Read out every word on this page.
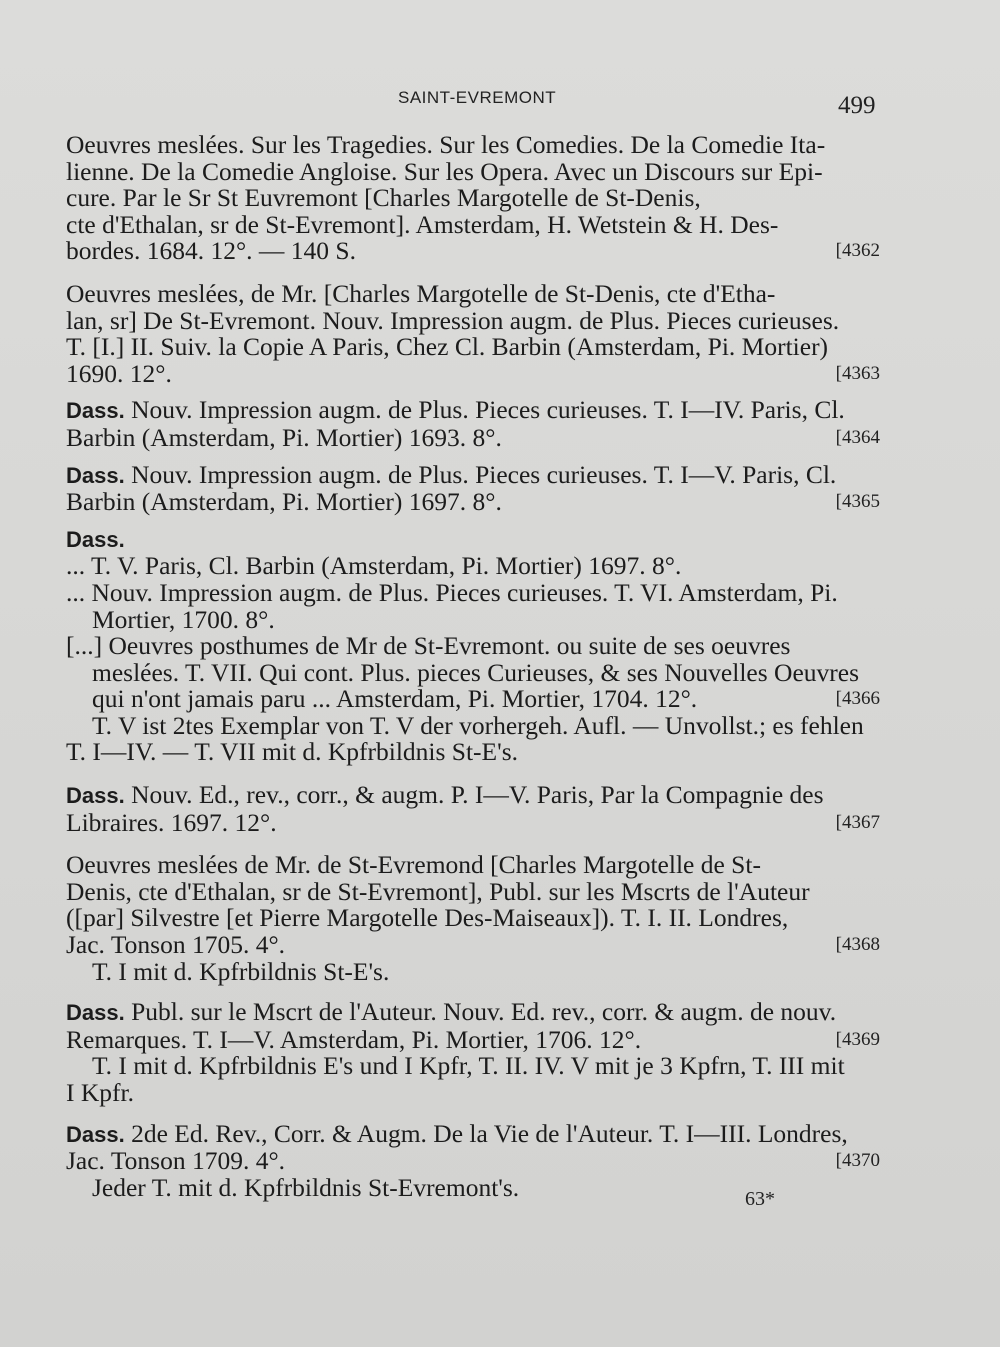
SAINT-EVREMONT	499
Oeuvres meslées. Sur les Tragedies. Sur les Comedies. De la Comedie Ita-
lienne. De la Comedie Angloise. Sur les Opera. Avec un Discours sur Epi-
cure. Par le Sr St Euvremont [Charles Margotelle de St-Denis,
cte d'Ethalan, sr de St-Evremont]. Amsterdam, H. Wetstein & H. Des-
bordes. 1684. 12°. — 140 S.	[4362
Oeuvres meslées, de Mr. [Charles Margotelle de St-Denis, cte d'Etha-
lan, sr] De St-Evremont. Nouv. Impression augm. de Plus. Pieces curieuses.
T. [I.] II. Suiv. la Copie A Paris, Chez Cl. Barbin (Amsterdam, Pi. Mortier)
1690. 12°.	[4363
Dass. Nouv. Impression augm. de Plus. Pieces curieuses. T. I—IV. Paris, Cl.
Barbin (Amsterdam, Pi. Mortier) 1693. 8°.	[4364
Dass. Nouv. Impression augm. de Plus. Pieces curieuses. T. I—V. Paris, Cl.
Barbin (Amsterdam, Pi. Mortier) 1697. 8°.	[4365
Dass.
... T. V. Paris, Cl. Barbin (Amsterdam, Pi. Mortier) 1697. 8°.
... Nouv. Impression augm. de Plus. Pieces curieuses. T. VI. Amsterdam, Pi.
Mortier, 1700. 8°.
[...] Oeuvres posthumes de Mr de St-Evremont. ou suite de ses oeuvres
meslées. T. VII. Qui cont. Plus. pieces Curieuses, & ses Nouvelles Oeuvres
qui n'ont jamais paru ... Amsterdam, Pi. Mortier, 1704. 12°.	[4366
T. V ist 2tes Exemplar von T. V der vorhergeh. Aufl. — Unvollst.; es fehlen
T. I—IV. — T. VII mit d. Kpfrbildnis St-E's.
Dass. Nouv. Ed., rev., corr., & augm. P. I—V. Paris, Par la Compagnie des
Libraires. 1697. 12°.	[4367
Oeuvres meslées de Mr. de St-Evremond [Charles Margotelle de St-
Denis, cte d'Ethalan, sr de St-Evremont], Publ. sur les Mscrts de l'Auteur
([par] Silvestre [et Pierre Margotelle Des-Maiseaux]). T. I. II. Londres,
Jac. Tonson 1705. 4°.	[4368
T. I mit d. Kpfrbildnis St-E's.
Dass. Publ. sur le Mscrt de l'Auteur. Nouv. Ed. rev., corr. & augm. de nouv.
Remarques. T. I—V. Amsterdam, Pi. Mortier, 1706. 12°.	[4369
T. I mit d. Kpfrbildnis E's und I Kpfr, T. II. IV. V mit je 3 Kpfrn, T. III mit
I Kpfr.
Dass. 2de Ed. Rev., Corr. & Augm. De la Vie de l'Auteur. T. I—III. Londres,
Jac. Tonson 1709. 4°.	[4370
Jeder T. mit d. Kpfrbildnis St-Evremont's.	63*
